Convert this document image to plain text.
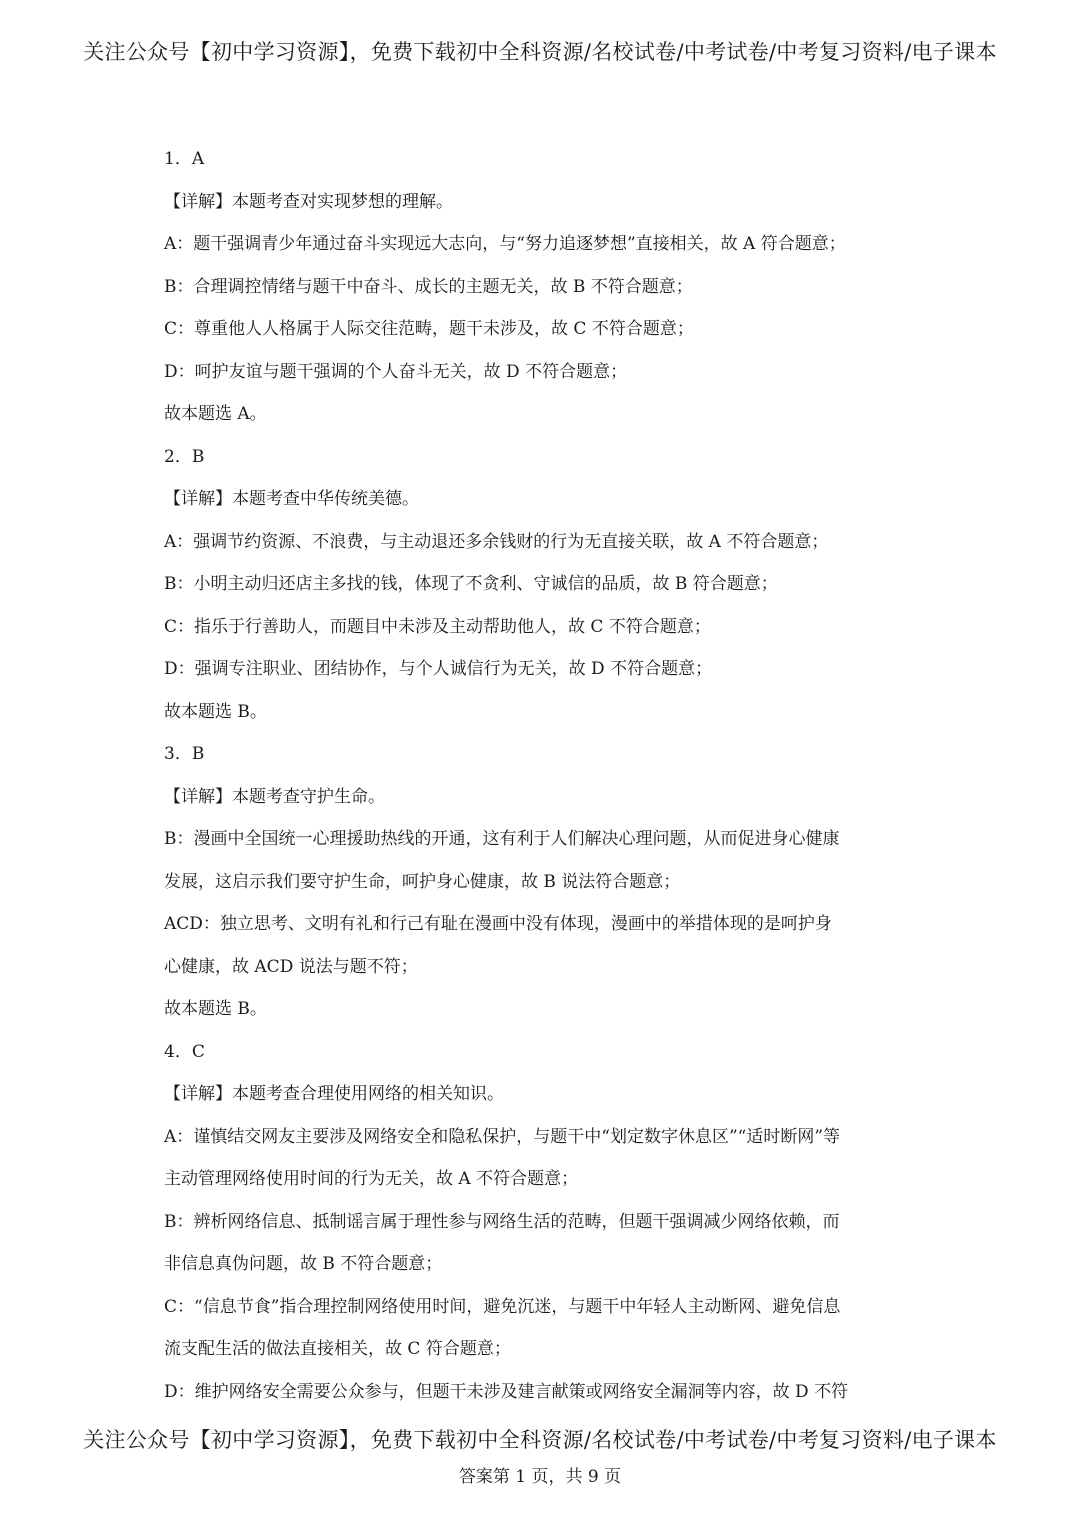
关注公众号【初中学习资源】，免费下载初中全科资源/名校试卷/中考试卷/中考复习资料/电子课本
1．A
【详解】本题考查对实现梦想的理解。
A：题干强调青少年通过奋斗实现远大志向，与“努力追逐梦想”直接相关，故 A 符合题意；
B：合理调控情绪与题干中奋斗、成长的主题无关，故 B 不符合题意；
C：尊重他人人格属于人际交往范畴，题干未涉及，故 C 不符合题意；
D：呵护友谊与题干强调的个人奋斗无关，故 D 不符合题意；
故本题选 A。
2．B
【详解】本题考查中华传统美德。
A：强调节约资源、不浪费，与主动退还多余钱财的行为无直接关联，故 A 不符合题意；
B：小明主动归还店主多找的钱，体现了不贪利、守诚信的品质，故 B 符合题意；
C：指乐于行善助人，而题目中未涉及主动帮助他人，故 C 不符合题意；
D：强调专注职业、团结协作，与个人诚信行为无关，故 D 不符合题意；
故本题选 B。
3．B
【详解】本题考查守护生命。
B：漫画中全国统一心理援助热线的开通，这有利于人们解决心理问题，从而促进身心健康
发展，这启示我们要守护生命，呵护身心健康，故 B 说法符合题意；
ACD：独立思考、文明有礼和行己有耻在漫画中没有体现，漫画中的举措体现的是呵护身
心健康，故 ACD 说法与题不符；
故本题选 B。
4．C
【详解】本题考查合理使用网络的相关知识。
A：谨慎结交网友主要涉及网络安全和隐私保护，与题干中“划定数字休息区”“适时断网”等
主动管理网络使用时间的行为无关，故 A 不符合题意；
B：辨析网络信息、抵制谣言属于理性参与网络生活的范畴，但题干强调减少网络依赖，而
非信息真伪问题，故 B 不符合题意；
C：“信息节食”指合理控制网络使用时间，避免沉迷，与题干中年轻人主动断网、避免信息
流支配生活的做法直接相关，故 C 符合题意；
D：维护网络安全需要公众参与，但题干未涉及建言献策或网络安全漏洞等内容，故 D 不符
关注公众号【初中学习资源】，免费下载初中全科资源/名校试卷/中考试卷/中考复习资料/电子课本
答案第 1 页，共 9 页
